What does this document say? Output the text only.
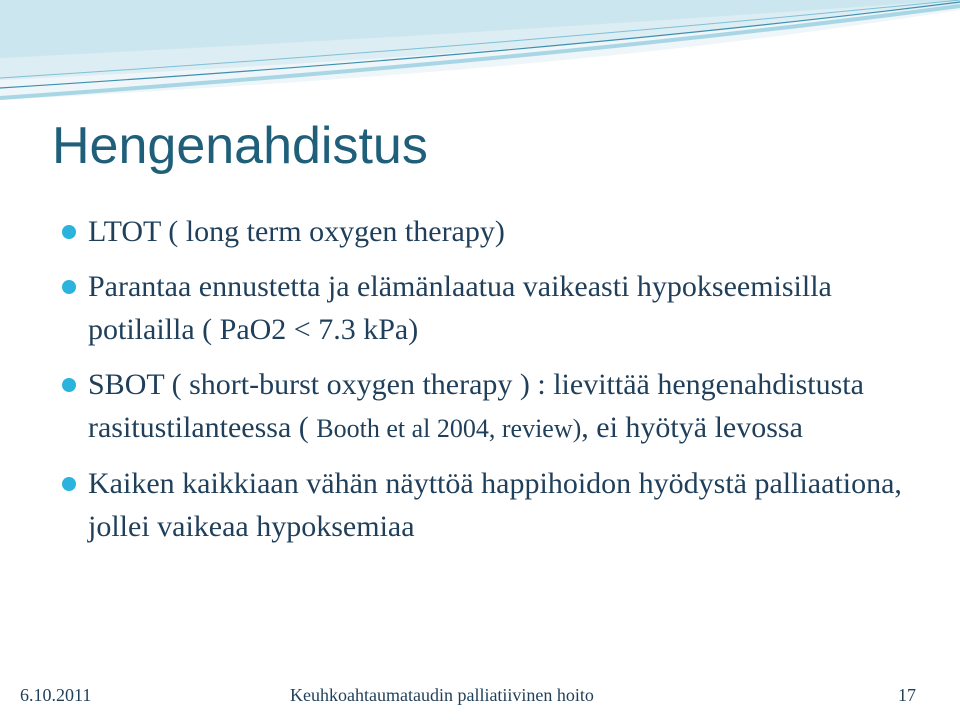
Hengenahdistus
LTOT ( long term oxygen therapy)
Parantaa ennustetta ja elämänlaatua vaikeasti hypokseemisilla potilailla ( PaO2 < 7.3 kPa)
SBOT ( short-burst oxygen therapy ) : lievittää hengenahdistusta rasitustilanteessa ( Booth et al 2004, review), ei hyötyä levossa
Kaiken kaikkiaan vähän näyttöä happihoidon hyödystä palliaationa, jollei vaikeaa hypoksemiaa
6.10.2011	Keuhkoahtaumataudin palliatiivinen hoito	17
